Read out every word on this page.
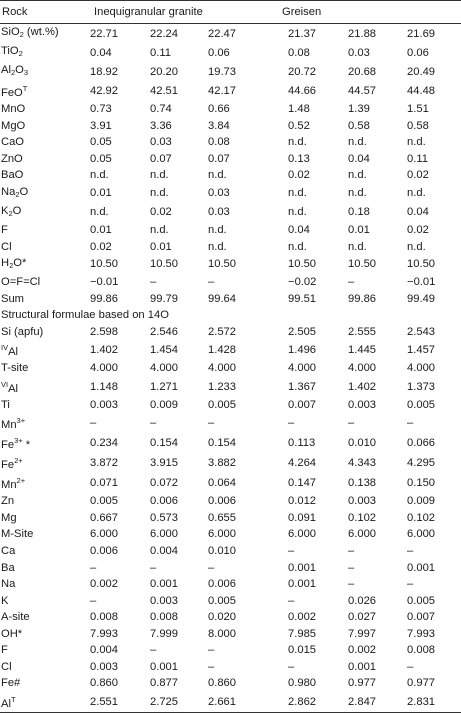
Rock	Inequigranular granite				Greisen		
SiO$_2$ (wt.%)	22.71	22.24	22.47		21.37	21.88	21.69
TiO$_2$	0.04	0.11	0.06		0.08	0.03	0.06
$Al_2O_3$	18.92	20.20	19.73		20.72	20.68	20.49
FeO$^T$	42.92	42.51	42.17		44.66	44.57	44.48
MnO	0.73	0.74	0.66		1.48	1.39	1.51
MgO	3.91	3.36	3.84		0.52	0.58	0.58
CaO	0.05	0.03	0.08		n.d.	n.d.	n.d.
ZnO	0.05	0.07	0.07		0.13	0.04	0.11
BaO	n.d.	n.d.	n.d.		0.02	n.d.	0.02
$Na_2O$	0.01	n.d.	0.03		n.d.	n.d.	n.d.
$K_2O$	n.d.	0.02	0.03		n.d.	0.18	0.04
F	0.01	n.d.	n.d.		0.04	0.01	0.02
Cl	0.02	0.01	n.d.		n.d.	n.d.	n.d.
$H_2O*$	10.50	10.50	10.50		10.50	10.50	10.50
O=F=Cl	−0.01	–	–		−0.02	–	−0.01
Sum	99.86	99.79	99.64		99.51	99.86	99.49
Structural formulae based on 14O							
Si (apfu)	2.598	2.546	2.572		2.505	2.555	2.543
$^{IV}$Al	1.402	1.454	1.428		1.496	1.445	1.457
T-site	4.000	4.000	4.000		4.000	4.000	4.000
$^{VI}$Al	1.148	1.271	1.233		1.367	1.402	1.373
Ti	0.003	0.009	0.005		0.007	0.003	0.005
$Mn^{3+}$	–	–	–		–	–	–
$Fe^{3+}$ *	0.234	0.154	0.154		0.113	0.010	0.066
$Fe^{2+}$	3.872	3.915	3.882		4.264	4.343	4.295
$Mn^{2+}$	0.071	0.072	0.064		0.147	0.138	0.150
Zn	0.005	0.006	0.006		0.012	0.003	0.009
Mg	0.667	0.573	0.655		0.091	0.102	0.102
M-Site	6.000	6.000	6.000		6.000	6.000	6.000
Ca	0.006	0.004	0.010		–	–	–
Ba	–	–	–		0.001	–	0.001
Na	0.002	0.001	0.006		0.001	–	–
K	–	0.003	0.005		–	0.026	0.005
A-site	0.008	0.008	0.020		0.002	0.027	0.007
OH*	7.993	7.999	8.000		7.985	7.997	7.993
F	0.004	–	–		0.015	0.002	0.008
Cl	0.003	0.001	–		–	0.001	–
Fe#	0.860	0.877	0.860		0.980	0.977	0.977
$Al^T$	2.551	2.725	2.661		2.862	2.847	2.831
